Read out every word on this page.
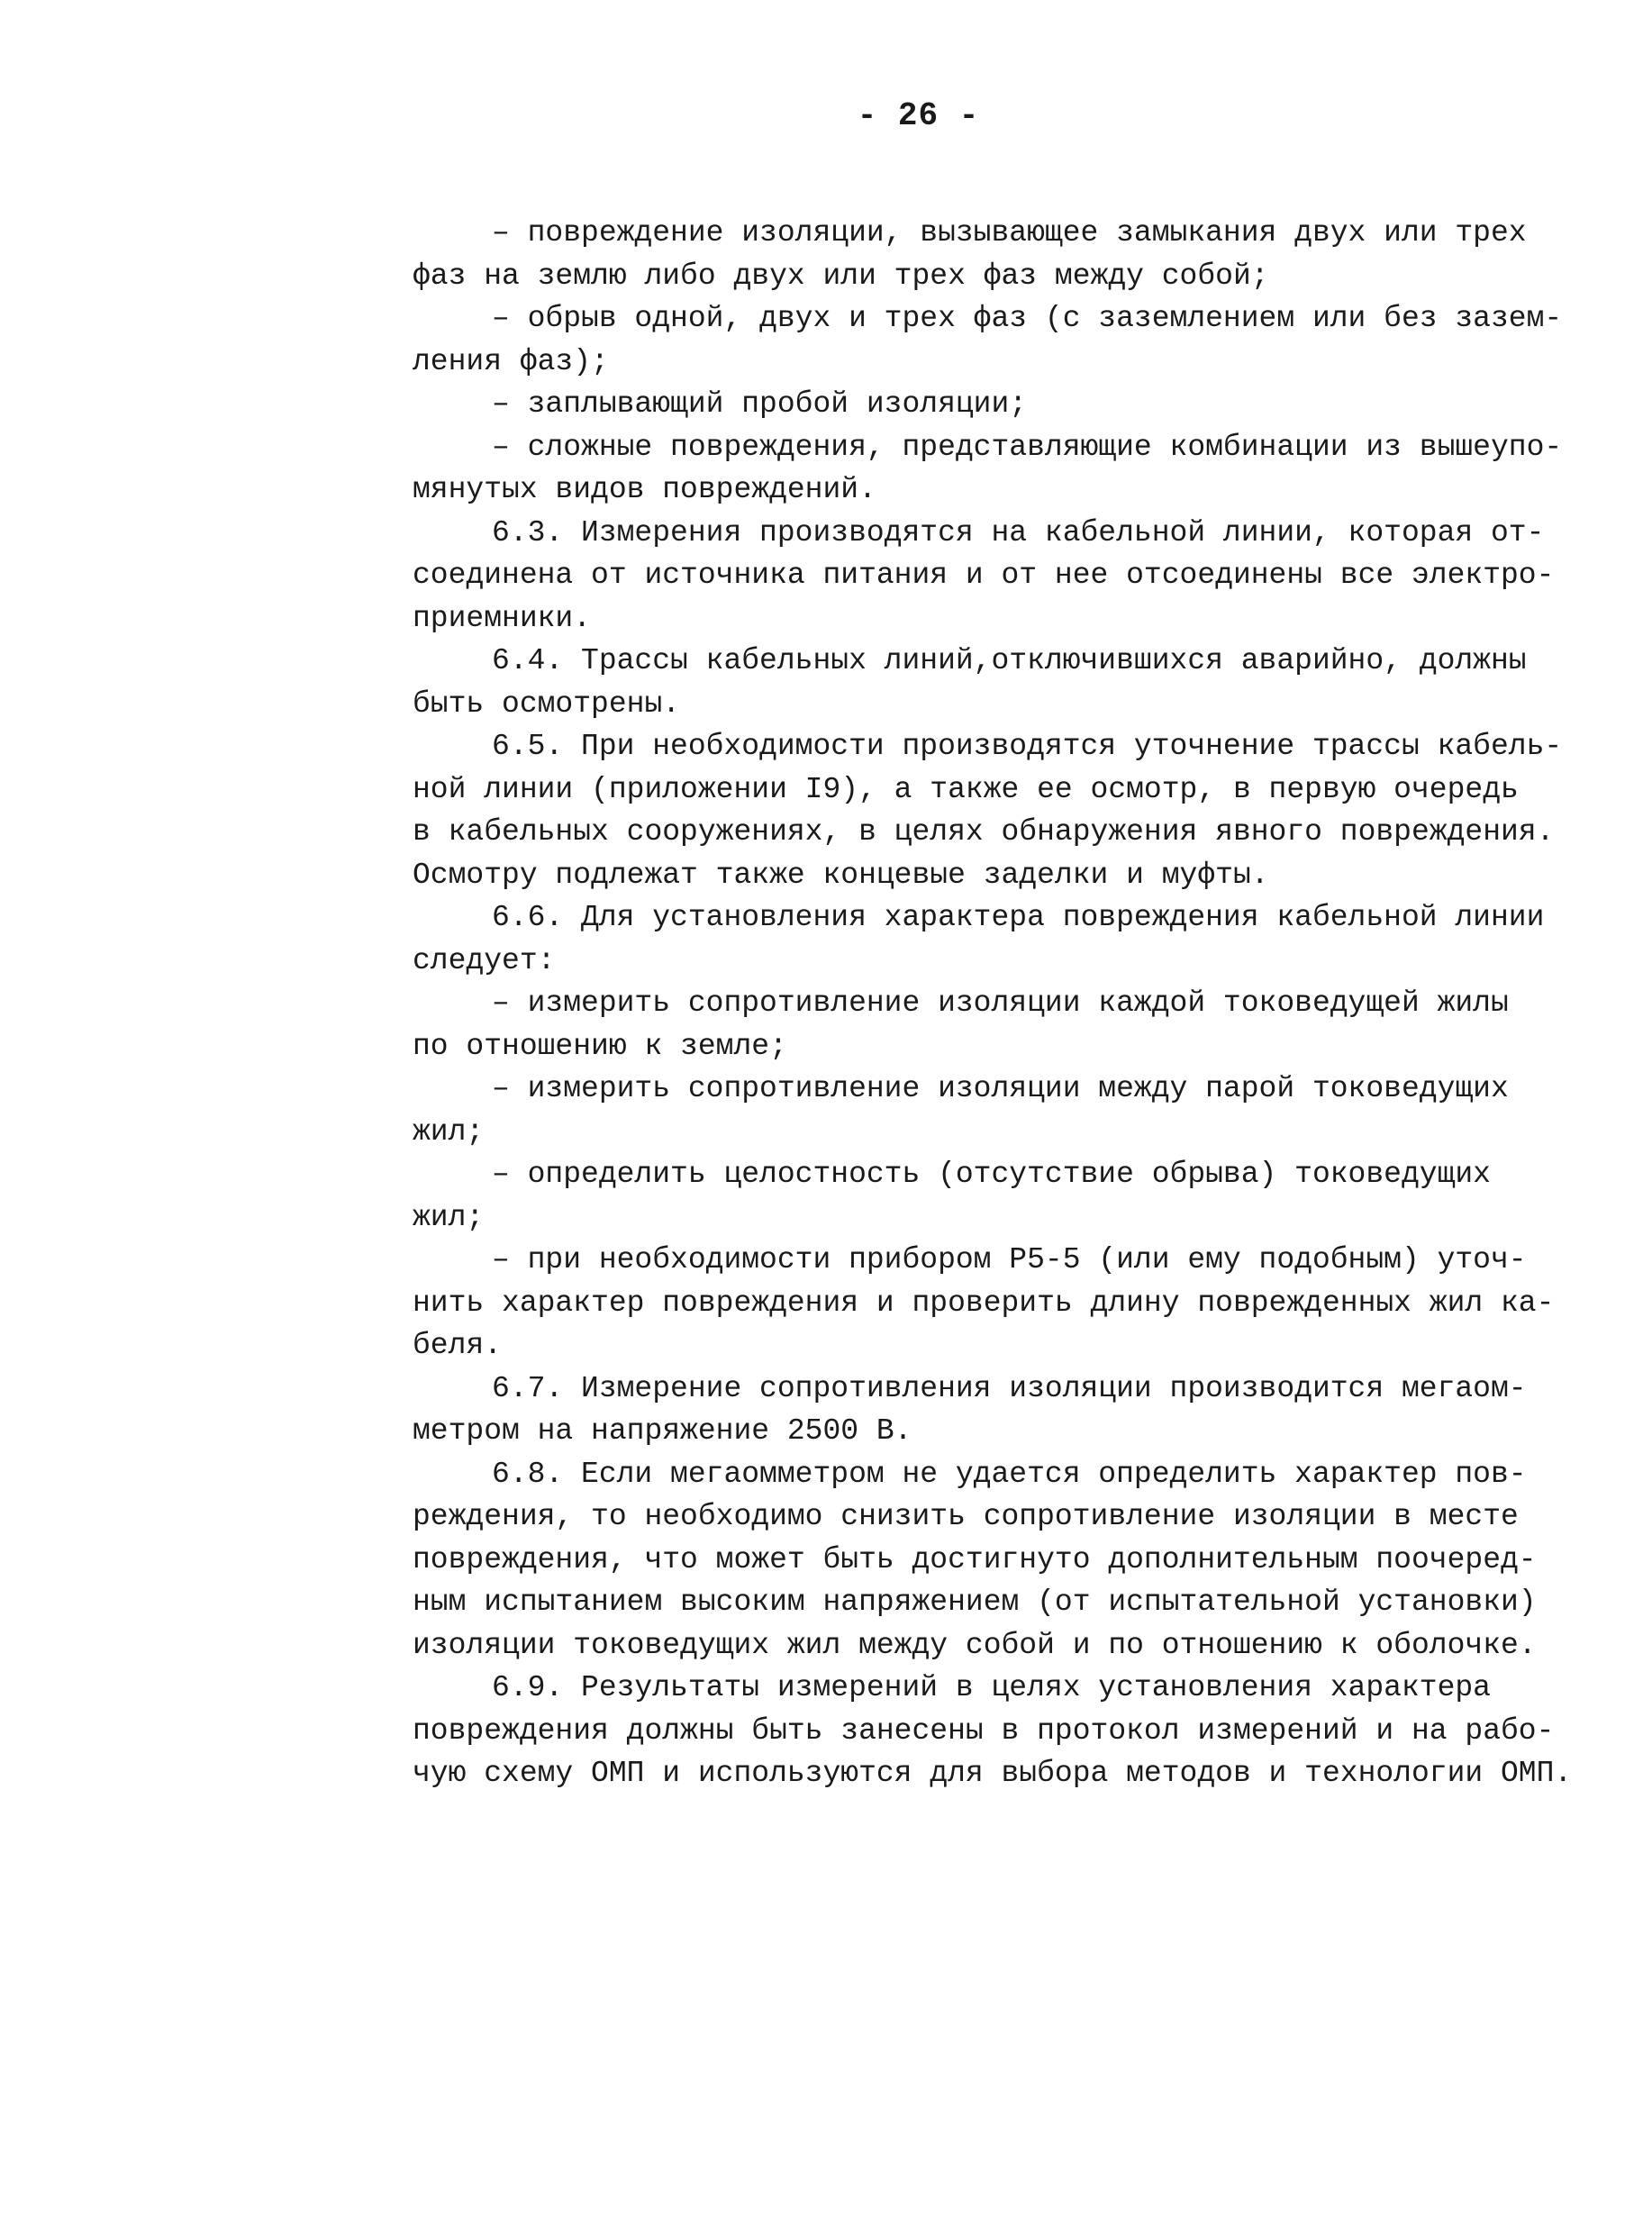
- 26 -
– повреждение изоляции, вызывающее замыкания двух или трех
фаз на землю либо двух или трех фаз между собой;
– обрыв одной, двух и трех фаз (с заземлением или без зазем-
ления фаз);
– заплывающий пробой изоляции;
– сложные повреждения, представляющие комбинации из вышеупо-
мянутых видов повреждений.
6.3. Измерения производятся на кабельной линии, которая от-
соединена от источника питания и от нее отсоединены все электро-
приемники.
6.4. Трассы кабельных линий,отключившихся аварийно, должны
быть осмотрены.
6.5. При необходимости производятся уточнение трассы кабель-
ной линии (приложении I9), а также ее осмотр, в первую очередь
в кабельных сооружениях, в целях обнаружения явного повреждения.
Осмотру подлежат также концевые заделки и муфты.
6.6. Для установления характера повреждения кабельной линии
следует:
– измерить сопротивление изоляции каждой токоведущей жилы
по отношению к земле;
– измерить сопротивление изоляции между парой токоведущих
жил;
– определить целостность (отсутствие обрыва) токоведущих
жил;
– при необходимости прибором Р5-5 (или ему подобным) уточ-
нить характер повреждения и проверить длину поврежденных жил ка-
беля.
6.7. Измерение сопротивления изоляции производится мегаом-
метром на напряжение 2500 В.
6.8. Если мегаомметром не удается определить характер пов-
реждения, то необходимо снизить сопротивление изоляции в месте
повреждения, что может быть достигнуто дополнительным поочеред-
ным испытанием высоким напряжением (от испытательной установки)
изоляции токоведущих жил между собой и по отношению к оболочке.
6.9. Результаты измерений в целях установления характера
повреждения должны быть занесены в протокол измерений и на рабо-
чую схему ОМП и используются для выбора методов и технологии ОМП.
